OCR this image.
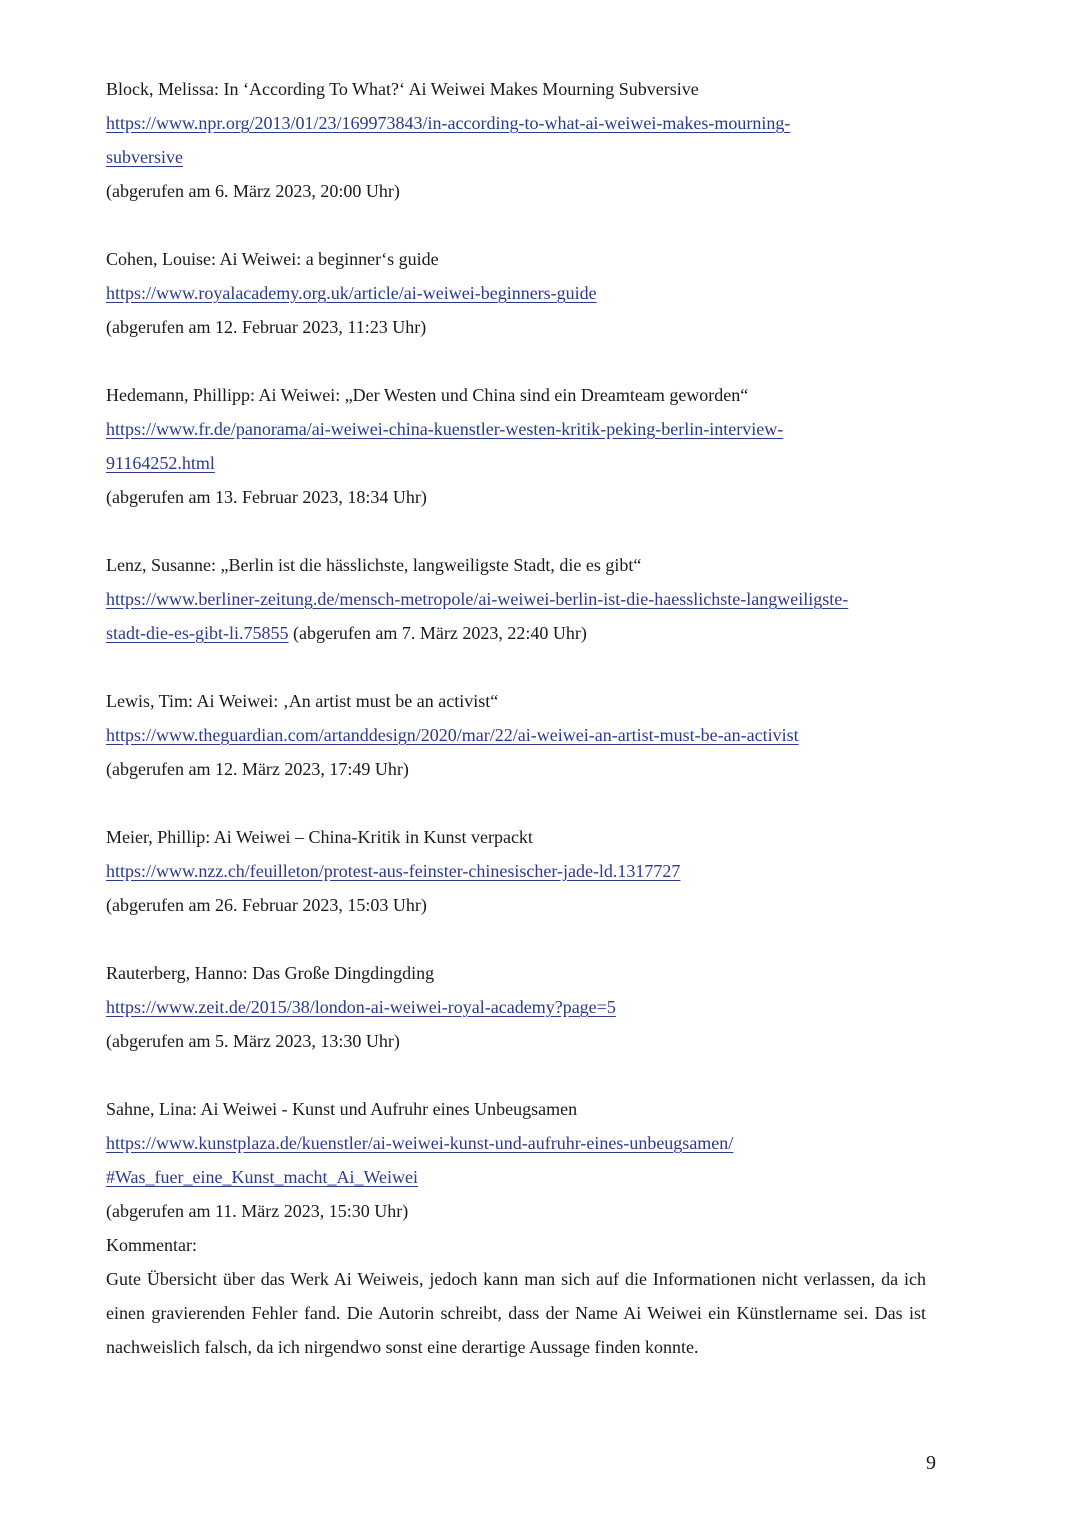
Block, Melissa: In ‘According To What?‘ Ai Weiwei Makes Mourning Subversive
https://www.npr.org/2013/01/23/169973843/in-according-to-what-ai-weiwei-makes-mourning-
subversive
(abgerufen am 6. März 2023, 20:00 Uhr)
Cohen, Louise: Ai Weiwei: a beginner‘s guide
https://www.royalacademy.org.uk/article/ai-weiwei-beginners-guide
(abgerufen am 12. Februar 2023, 11:23 Uhr)
Hedemann, Phillipp: Ai Weiwei: „Der Westen und China sind ein Dreamteam geworden“
https://www.fr.de/panorama/ai-weiwei-china-kuenstler-westen-kritik-peking-berlin-interview-
91164252.html
(abgerufen am 13. Februar 2023, 18:34 Uhr)
Lenz, Susanne: „Berlin ist die hässlichste, langweiligste Stadt, die es gibt“
https://www.berliner-zeitung.de/mensch-metropole/ai-weiwei-berlin-ist-die-haesslichste-langweiligste-
stadt-die-es-gibt-li.75855 (abgerufen am 7. März 2023, 22:40 Uhr)
Lewis, Tim: Ai Weiwei: ‚An artist must be an activist“
https://www.theguardian.com/artanddesign/2020/mar/22/ai-weiwei-an-artist-must-be-an-activist
(abgerufen am 12. März 2023, 17:49 Uhr)
Meier, Phillip: Ai Weiwei – China-Kritik in Kunst verpackt
https://www.nzz.ch/feuilleton/protest-aus-feinster-chinesischer-jade-ld.1317727
(abgerufen am 26. Februar 2023, 15:03 Uhr)
Rauterberg, Hanno: Das Große Dingdingding
https://www.zeit.de/2015/38/london-ai-weiwei-royal-academy?page=5
(abgerufen am 5. März 2023, 13:30 Uhr)
Sahne, Lina: Ai Weiwei - Kunst und Aufruhr eines Unbeugsamen
https://www.kunstplaza.de/kuenstler/ai-weiwei-kunst-und-aufruhr-eines-unbeugsamen/
#Was_fuer_eine_Kunst_macht_Ai_Weiwei
(abgerufen am 11. März 2023, 15:30 Uhr)
Kommentar:
Gute Übersicht über das Werk Ai Weiweis, jedoch kann man sich auf die Informationen nicht verlassen, da ich einen gravierenden Fehler fand. Die Autorin schreibt, dass der Name Ai Weiwei ein Künstlername sei. Das ist nachweislich falsch, da ich nirgendwo sonst eine derartige Aussage finden konnte.
9
